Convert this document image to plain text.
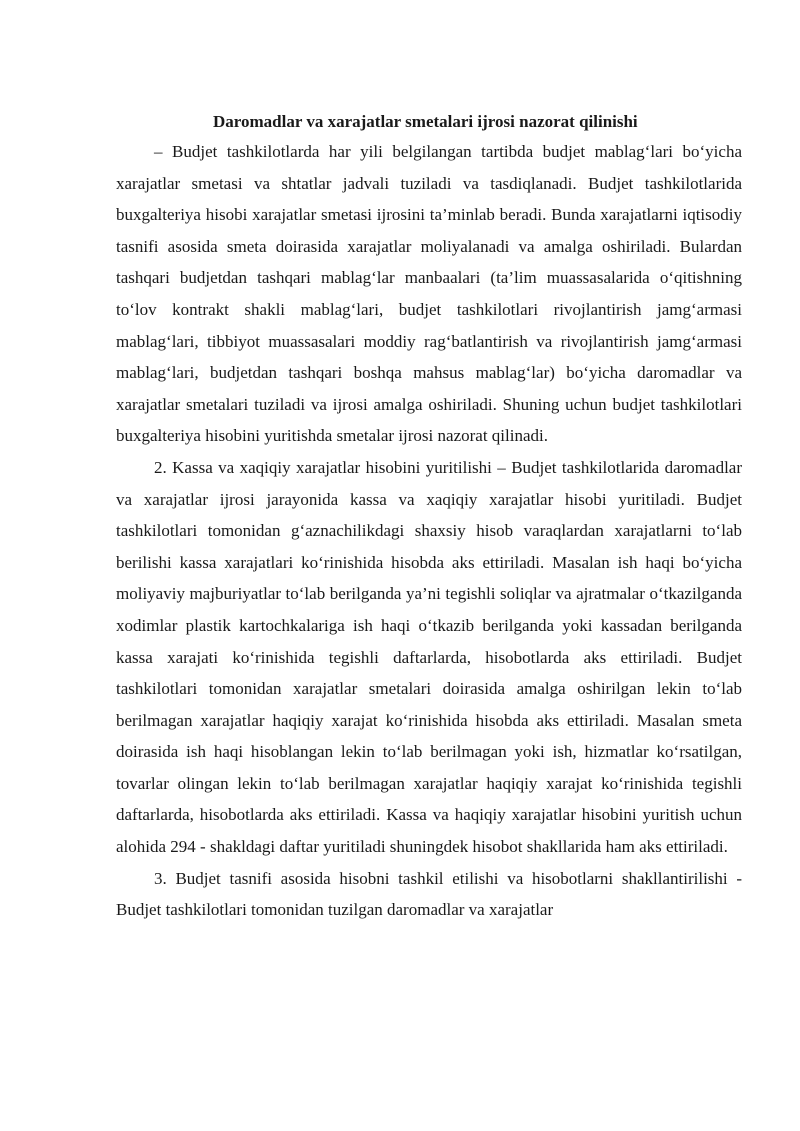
Daromadlar va xarajatlar smetalari ijrosi nazorat qilinishi

– Budjet tashkilotlarda har yili belgilangan tartibda budjet mablag‘lari bo‘yicha xarajatlar smetasi va shtatlar jadvali tuziladi va tasdiqlanadi. Budjet tashkilotlarida buxgalteriya hisobi xarajatlar smetasi ijrosini ta’minlab beradi. Bunda xarajatlarni iqtisodiy tasnifi asosida smeta doirasida xarajatlar moliyalanadi va amalga oshiriladi. Bulardan tashqari budjetdan tashqari mablag‘lar manbaalari (ta’lim muassasalarida o‘qitishning to‘lov kontrakt shakli mablag‘lari, budjet tashkilotlari rivojlantirish jamg‘armasi mablag‘lari, tibbiyot muassasalari moddiy rag‘batlantirish va rivojlantirish jamg‘armasi mablag‘lari, budjetdan tashqari boshqa mahsus mablag‘lar) bo‘yicha daromadlar va xarajatlar smetalari tuziladi va ijrosi amalga oshiriladi. Shuning uchun budjet tashkilotlari buxgalteriya hisobini yuritishda smetalar ijrosi nazorat qilinadi.

2. Kassa va xaqiqiy xarajatlar hisobini yuritilishi – Budjet tashkilotlarida daromadlar va xarajatlar ijrosi jarayonida kassa va xaqiqiy xarajatlar hisobi yuritiladi. Budjet tashkilotlari tomonidan g‘aznachilikdagi shaxsiy hisob varaqlardan xarajatlarni to‘lab berilishi kassa xarajatlari ko‘rinishida hisobda aks ettiriladi. Masalan ish haqi bo‘yicha moliyaviy majburiyatlar to‘lab berilganda ya’ni tegishli soliqlar va ajratmalar o‘tkazilganda xodimlar plastik kartochkalariga ish haqi o‘tkazib berilganda yoki kassadan berilganda kassa xarajati ko‘rinishida tegishli daftarlarda, hisobotlarda aks ettiriladi. Budjet tashkilotlari tomonidan xarajatlar smetalari doirasida amalga oshirilgan lekin to‘lab berilmagan xarajatlar haqiqiy xarajat ko‘rinishida hisobda aks ettiriladi. Masalan smeta doirasida ish haqi hisoblangan lekin to‘lab berilmagan yoki ish, hizmatlar ko‘rsatilgan, tovarlar olingan lekin to‘lab berilmagan xarajatlar haqiqiy xarajat ko‘rinishida tegishli daftarlarda, hisobotlarda aks ettiriladi. Kassa va haqiqiy xarajatlar hisobini yuritish uchun alohida 294 - shakldagi daftar yuritiladi shuningdek hisobot shakllarida ham aks ettiriladi.

3. Budjet tasnifi asosida hisobni tashkil etilishi va hisobotlarni shakllantirilishi - Budjet tashkilotlari tomonidan tuzilgan daromadlar va xarajatlar
